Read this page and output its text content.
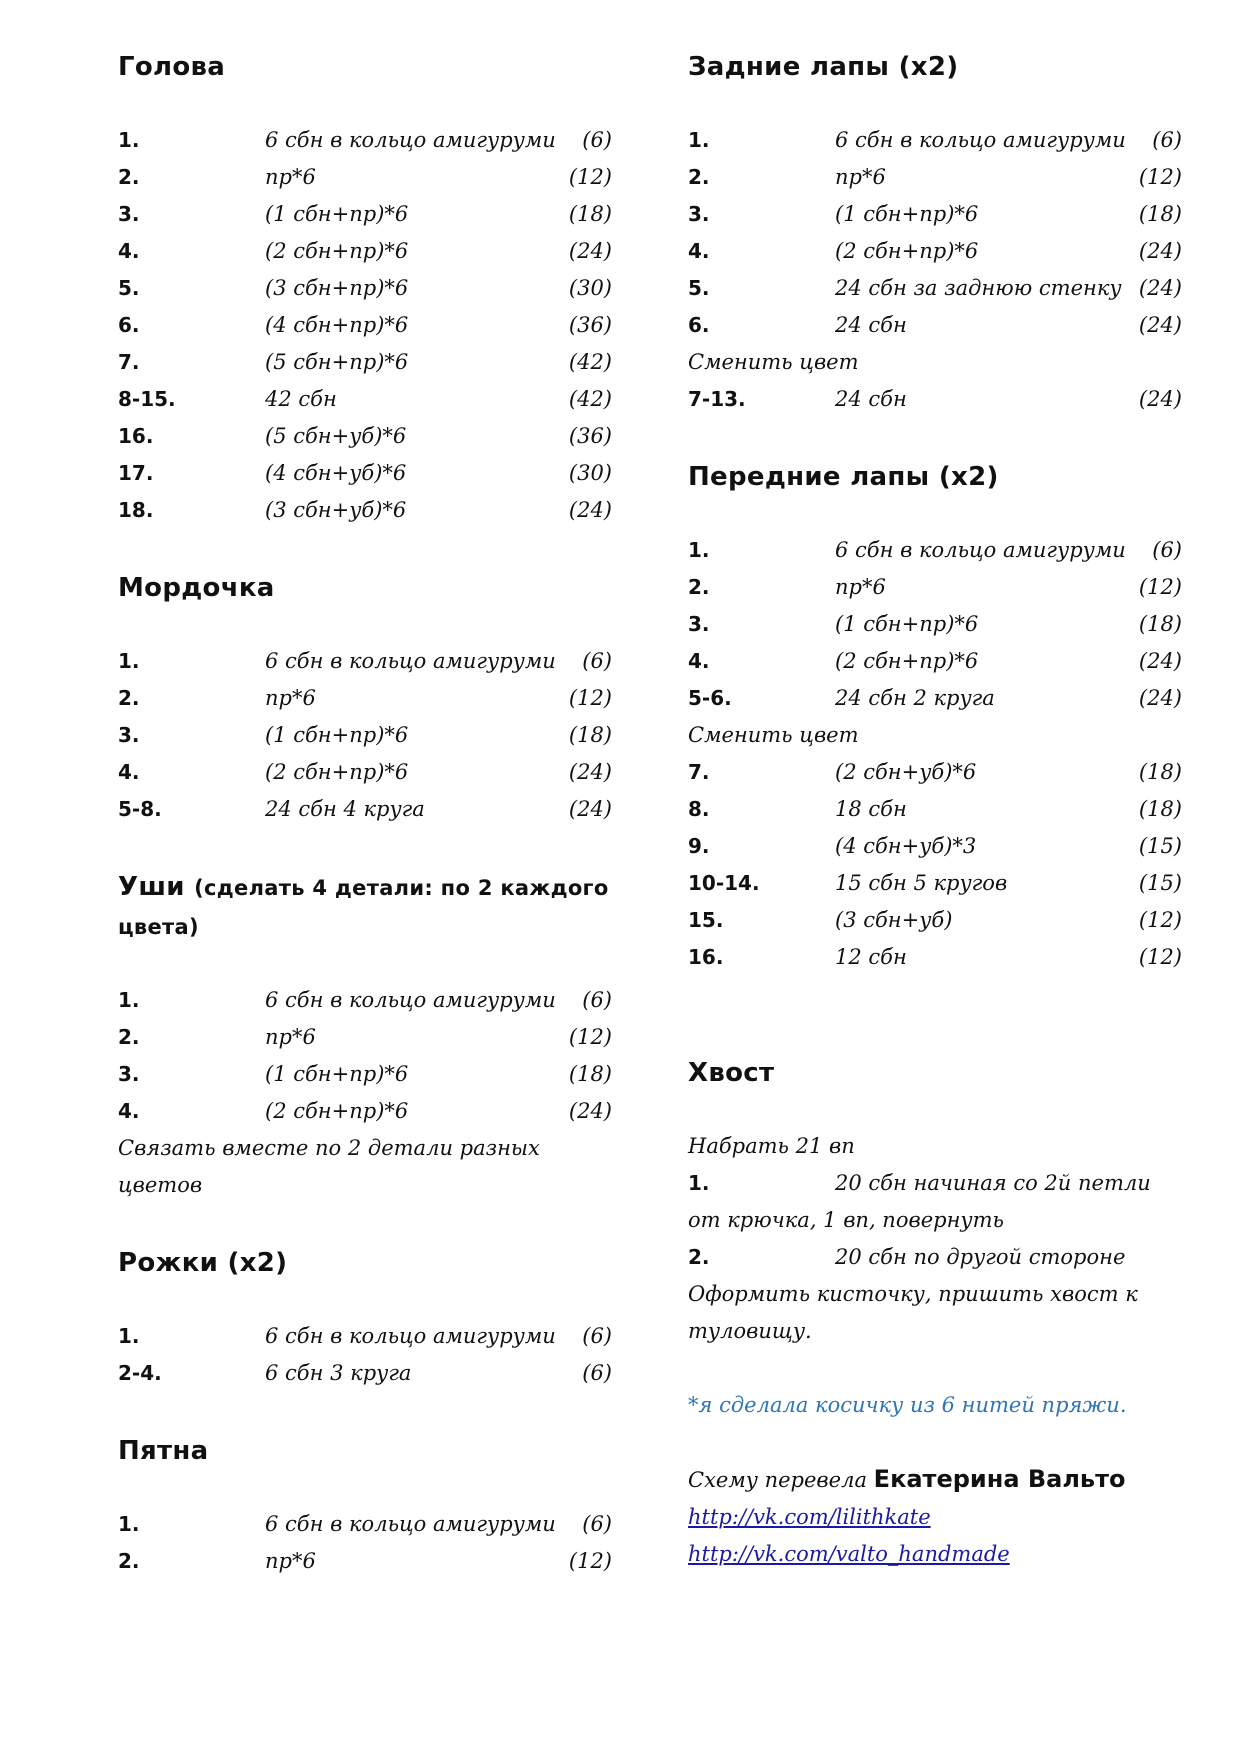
Голова
1.	6 сбн в кольцо амигуруми (6)
2.	пр*6	(12)
3.	(1 сбн+пр)*6	(18)
4.	(2 сбн+пр)*6	(24)
5.	(3 сбн+пр)*6	(30)
6.	(4 сбн+пр)*6	(36)
7.	(5 сбн+пр)*6	(42)
8-15.	42 сбн	(42)
16.	(5 сбн+уб)*6	(36)
17.	(4 сбн+уб)*6	(30)
18.	(3 сбн+уб)*6	(24)
Мордочка
1.	6 сбн в кольцо амигуруми (6)
2.	пр*6	(12)
3.	(1 сбн+пр)*6	(18)
4.	(2 сбн+пр)*6	(24)
5-8.	24 сбн 4 круга	(24)
Уши (сделать 4 детали: по 2 каждого
цвета)
1.	6 сбн в кольцо амигуруми (6)
2.	пр*6	(12)
3.	(1 сбн+пр)*6	(18)
4.	(2 сбн+пр)*6	(24)

Связать вместе по 2 детали разных

цветов

Рожки (х2)
1.	6 сбн в кольцо амигуруми (6)
2-4.	6 сбн 3 круга	(6)
Пятна
1.	6 сбн в кольцо амигуруми (6)
2.	пр*6	(12)
Задние лапы (х2)
1.	6 сбн в кольцо амигуруми (6)
2.	пр*6	(12)
3.	(1 сбн+пр)*6	(18)
4.	(2 сбн+пр)*6	(24)
5.	24 сбн за заднюю стенку (24)
6.	24 сбн	(24)

Сменить цвет

7-13.	24 сбн	(24)
Передние лапы (х2)
1.	6 сбн в кольцо амигуруми (6)
2.	пр*6	(12)
3.	(1 сбн+пр)*6	(18)
4.	(2 сбн+пр)*6	(24)
5-6.	24 сбн 2 круга	(24)

Сменить цвет

7.	(2 сбн+уб)*6	(18)
8.	18 сбн	(18)
9.	(4 сбн+уб)*3	(15)
10-14.	15 сбн 5 кругов	(15)
15.	(3 сбн+уб)	(12)
16.	12 сбн	(12)
Хвост

Набрать 21 вп

1.	20 сбн начиная со 2й петли

от крючка, 1 вп, повернуть

2.	20 сбн по другой стороне

Оформить кисточку, пришить хвост к

туловищу.

*я сделала косичку из 6 нитей пряжи.

Схему перевела Екатерина Вальто

http://vk.com/lilithkate
http://vk.com/valto_handmade
